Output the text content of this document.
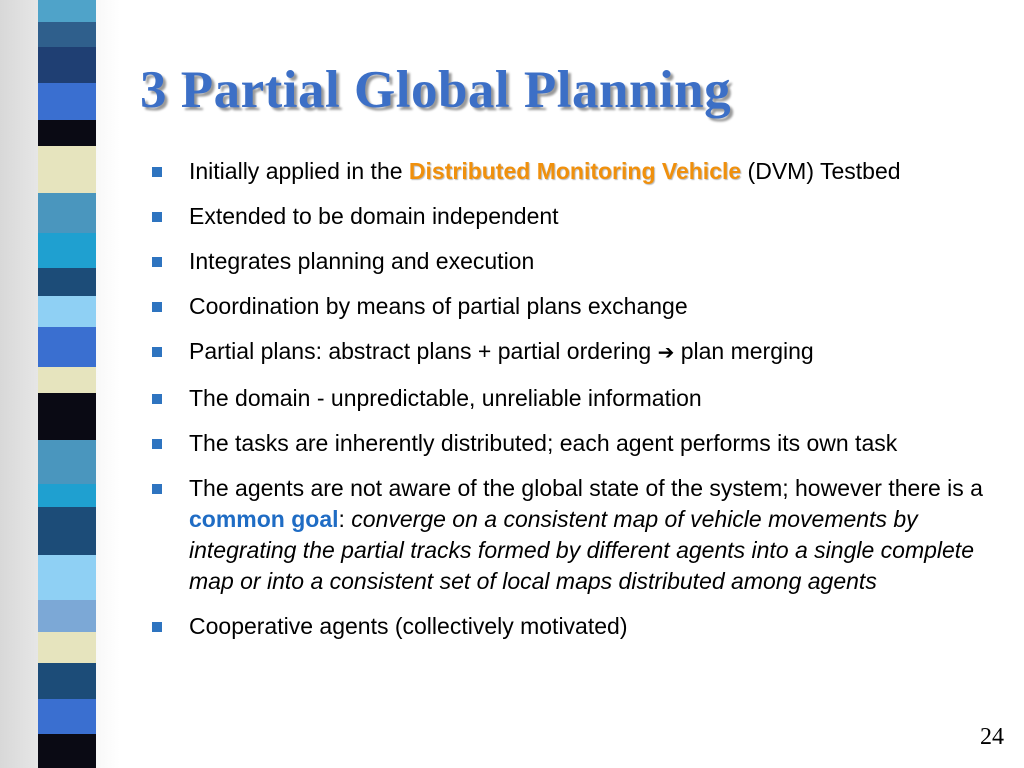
3 Partial Global Planning
Initially applied in the Distributed Monitoring Vehicle (DVM) Testbed
Extended to be domain independent
Integrates planning and execution
Coordination by means of partial plans exchange
Partial plans: abstract plans + partial ordering ➔ plan merging
The domain - unpredictable, unreliable information
The tasks are inherently distributed; each agent performs its own task
The agents are not aware of the global state of the system; however there is a common goal: converge on a consistent map of vehicle movements by integrating the partial tracks formed by different agents into a single complete map or into a consistent set of local maps distributed among agents
Cooperative agents (collectively motivated)
24
